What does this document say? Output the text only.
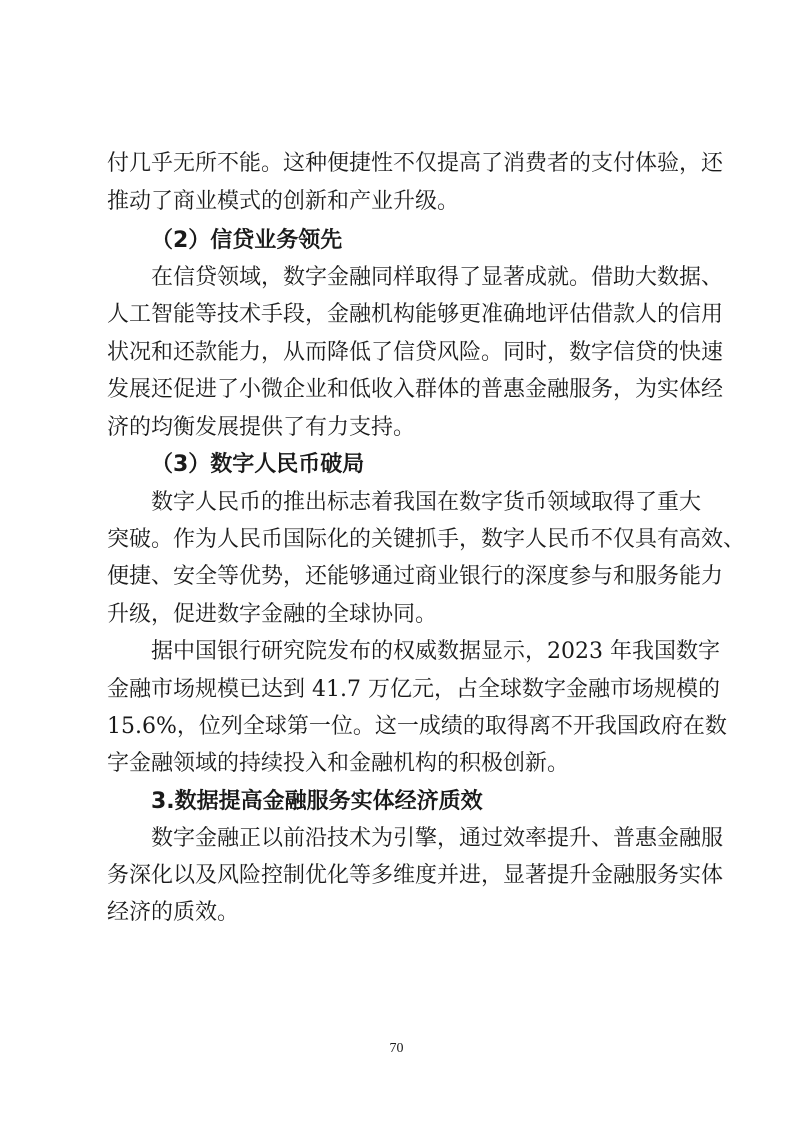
付几乎无所不能。这种便捷性不仅提高了消费者的支付体验，还
推动了商业模式的创新和产业升级。
（2）信贷业务领先
在信贷领域，数字金融同样取得了显著成就。借助大数据、
人工智能等技术手段，金融机构能够更准确地评估借款人的信用
状况和还款能力，从而降低了信贷风险。同时，数字信贷的快速
发展还促进了小微企业和低收入群体的普惠金融服务，为实体经
济的均衡发展提供了有力支持。
（3）数字人民币破局
数字人民币的推出标志着我国在数字货币领域取得了重大
突破。作为人民币国际化的关键抓手，数字人民币不仅具有高效、
便捷、安全等优势，还能够通过商业银行的深度参与和服务能力
升级，促进数字金融的全球协同。
据中国银行研究院发布的权威数据显示，2023 年我国数字
金融市场规模已达到 41.7 万亿元，占全球数字金融市场规模的
15.6%，位列全球第一位。这一成绩的取得离不开我国政府在数
字金融领域的持续投入和金融机构的积极创新。
3.数据提高金融服务实体经济质效
数字金融正以前沿技术为引擎，通过效率提升、普惠金融服
务深化以及风险控制优化等多维度并进，显著提升金融服务实体
经济的质效。
70
